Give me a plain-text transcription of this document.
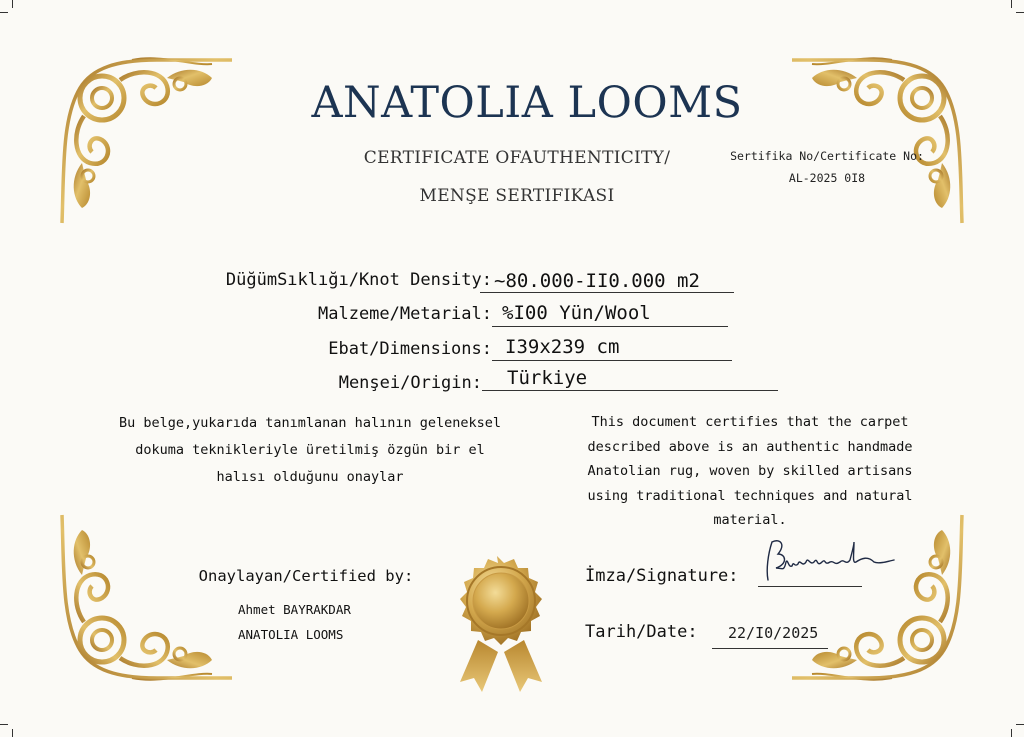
ANATOLIA LOOMS
CERTIFICATE OFAUTHENTICITY/
MENŞE SERTIFIKASI
Sertifika No/Certificate No:
AL-2025 0I8
DüğümSıklığı/Knot Density: ~80.000-II0.000 m2
Malzeme/Metarial: %I00 Yün/Wool
Ebat/Dimensions: I39x239 cm
Menşei/Origin: Türkiye
Bu belge,yukarıda tanımlanan halının geleneksel
dokuma teknikleriyle üretilmiş özgün bir el
halısı olduğunu onaylar
This document certifies that the carpet
described above is an authentic handmade
Anatolian rug, woven by skilled artisans
using traditional techniques and natural
material.
Onaylayan/Certified by:
Ahmet BAYRAKDAR
ANATOLIA LOOMS
İmza/Signature:
Tarih/Date: 22/I0/2025
